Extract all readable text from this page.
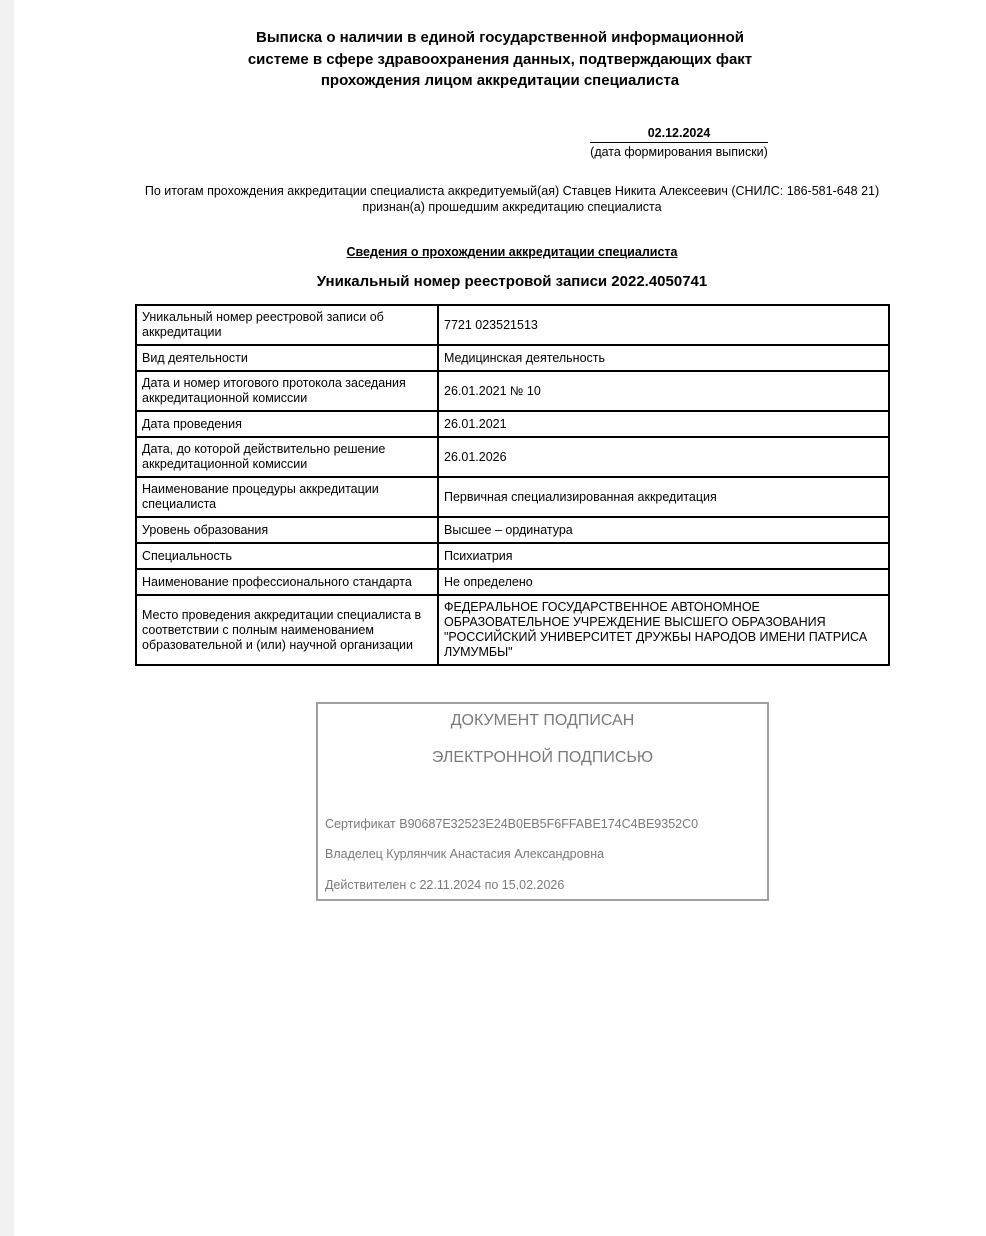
Выписка о наличии в единой государственной информационной
системе в сфере здравоохранения данных, подтверждающих факт
прохождения лицом аккредитации специалиста
02.12.2024
(дата формирования выписки)
По итогам прохождения аккредитации специалиста аккредитуемый(ая) Ставцев Никита Алексеевич (СНИЛС: 186-581-648 21)
признан(а) прошедшим аккредитацию специалиста
Сведения о прохождении аккредитации специалиста
Уникальный номер реестровой записи 2022.4050741
Уникальный номер реестровой записи об аккредитации	7721 023521513
Вид деятельности	Медицинская деятельность
Дата и номер итогового протокола заседания аккредитационной комиссии	26.01.2021 № 10
Дата проведения	26.01.2021
Дата, до которой действительно решение аккредитационной комиссии	26.01.2026
Наименование процедуры аккредитации специалиста	Первичная специализированная аккредитация
Уровень образования	Высшее – ординатура
Специальность	Психиатрия
Наименование профессионального стандарта	Не определено
Место проведения аккредитации специалиста в соответствии с полным наименованием образовательной и (или) научной организации	ФЕДЕРАЛЬНОЕ ГОСУДАРСТВЕННОЕ АВТОНОМНОЕ ОБРАЗОВАТЕЛЬНОЕ УЧРЕЖДЕНИЕ ВЫСШЕГО ОБРАЗОВАНИЯ "РОССИЙСКИЙ УНИВЕРСИТЕТ ДРУЖБЫ НАРОДОВ ИМЕНИ ПАТРИСА ЛУМУМБЫ"
ДОКУМЕНТ ПОДПИСАН
ЭЛЕКТРОННОЙ ПОДПИСЬЮ
Сертификат B90687E32523E24B0EB5F6FFABE174C4BE9352C0
Владелец Курлянчик Анастасия Александровна
Действителен с 22.11.2024 по 15.02.2026
